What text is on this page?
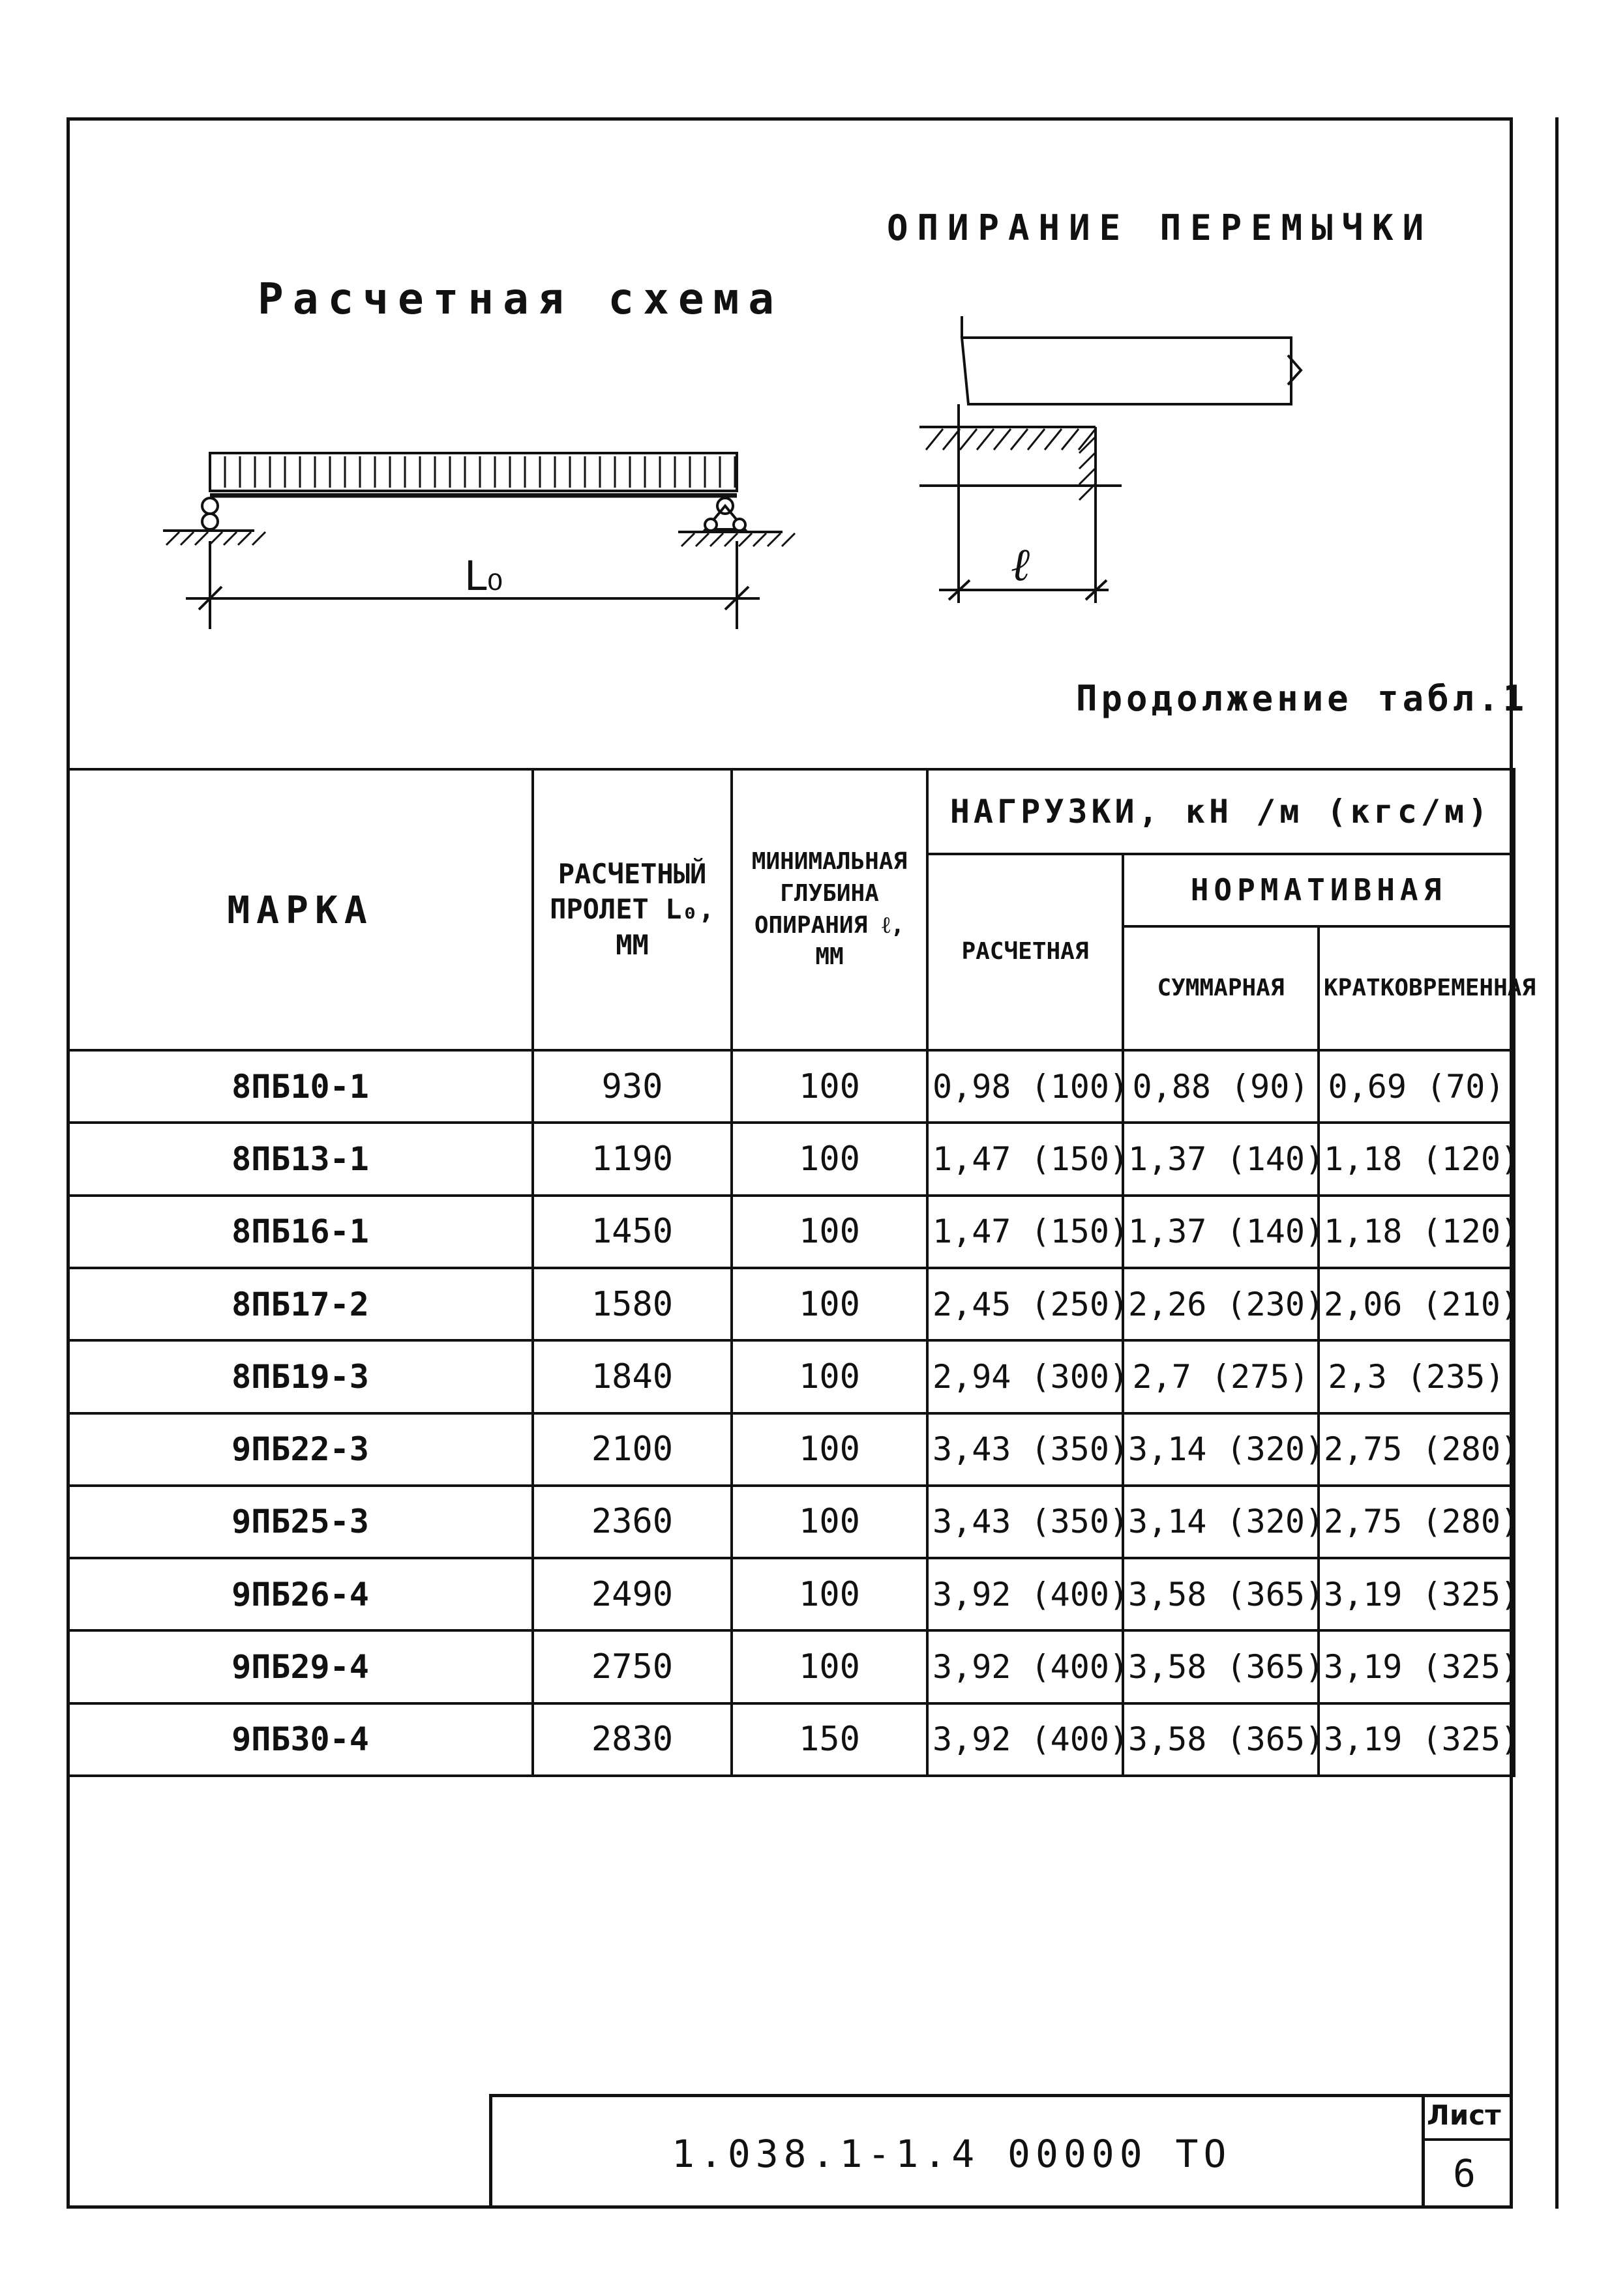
Расчетная схема
ОПИРАНИЕ ПЕРЕМЫЧКИ
Продолжение табл.1
L₀	ℓ
МАРКА	РАСЧЕТНЫЙ ПРОЛЕТ L₀, ММ	МИНИМАЛЬНАЯ ГЛУБИНА ОПИРАНИЯ ℓ, ММ	НАГРУЗКИ, кН /м (кгс/м)		
			РАСЧЕТНАЯ	НОРМАТИВНАЯ	
				СУММАРНАЯ	КРАТКОВРЕМЕННАЯ

8ПБ10-1	930	100	0,98 (100)	0,88 (90)	0,69 (70)
8ПБ13-1	1190	100	1,47 (150)	1,37 (140)	1,18 (120)
8ПБ16-1	1450	100	1,47 (150)	1,37 (140)	1,18 (120)
8ПБ17-2	1580	100	2,45 (250)	2,26 (230)	2,06 (210)
8ПБ19-3	1840	100	2,94 (300)	2,7 (275)	2,3 (235)
9ПБ22-3	2100	100	3,43 (350)	3,14 (320)	2,75 (280)
9ПБ25-3	2360	100	3,43 (350)	3,14 (320)	2,75 (280)
9ПБ26-4	2490	100	3,92 (400)	3,58 (365)	3,19 (325)
9ПБ29-4	2750	100	3,92 (400)	3,58 (365)	3,19 (325)
9ПБ30-4	2830	150	3,92 (400)	3,58 (365)	3,19 (325)
1.038.1-1.4 00000 ТО
Лист
6
